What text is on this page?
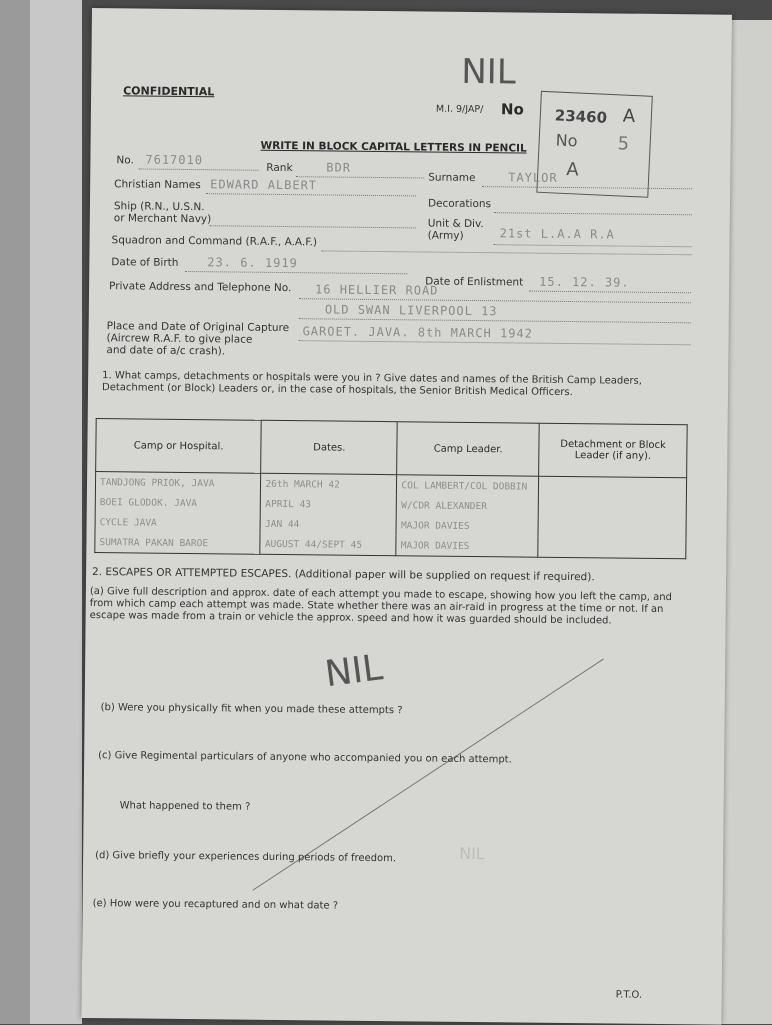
CONFIDENTIAL	NIL
M.I. 9/JAP/ No 23460 A
No 5
A
WRITE IN BLOCK CAPITAL LETTERS IN PENCIL
No. 7617010
Rank	BDR
Surname	TAYLOR
Christian Names EDWARD ALBERT
Decorations
Ship (R.N., U.S.N.
or Merchant Navy)	Unit & Div.
(Army)	21st L.A.A R.A
Squadron and Command (R.A.F., A.A.F.)
Date of Birth 23. 6. 1919
Date of Enlistment 15. 12. 39.
Private Address and Telephone No. 16 HELLIER ROAD
OLD SWAN LIVERPOOL 13
Place and Date of Original Capture
(Aircrew R.A.F. to give place
and date of a/c crash).
GAROET. JAVA. 8th MARCH 1942
1. What camps, detachments or hospitals were you in ? Give dates and names of the British Camp Leaders, Detachment (or Block) Leaders or, in the case of hospitals, the Senior British Medical Officers.
Camp or Hospital.	Dates.	Camp Leader.	Detachment or Block Leader (if any).
TANDJONG PRIOK, JAVA	26th MARCH 42	COL LAMBERT/COL DOBBIN	
BOEI GLODOK. JAVA	APRIL 43	W/CDR ALEXANDER	
CYCLE JAVA	JAN 44	MAJOR DAVIES	
SUMATRA PAKAN BAROE	AUGUST 44/SEPT 45	MAJOR DAVIES	
2. ESCAPES OR ATTEMPTED ESCAPES. (Additional paper will be supplied on request if required).
(a) Give full description and approx. date of each attempt you made to escape, showing how you left the camp, and from which camp each attempt was made. State whether there was an air-raid in progress at the time or not. If an escape was made from a train or vehicle the approx. speed and how it was guarded should be included.
NIL
(b) Were you physically fit when you made these attempts ?
(c) Give Regimental particulars of anyone who accompanied you on each attempt.
What happened to them ?
(d) Give briefly your experiences during periods of freedom.	NIL
(e) How were you recaptured and on what date ?
P.T.O.
